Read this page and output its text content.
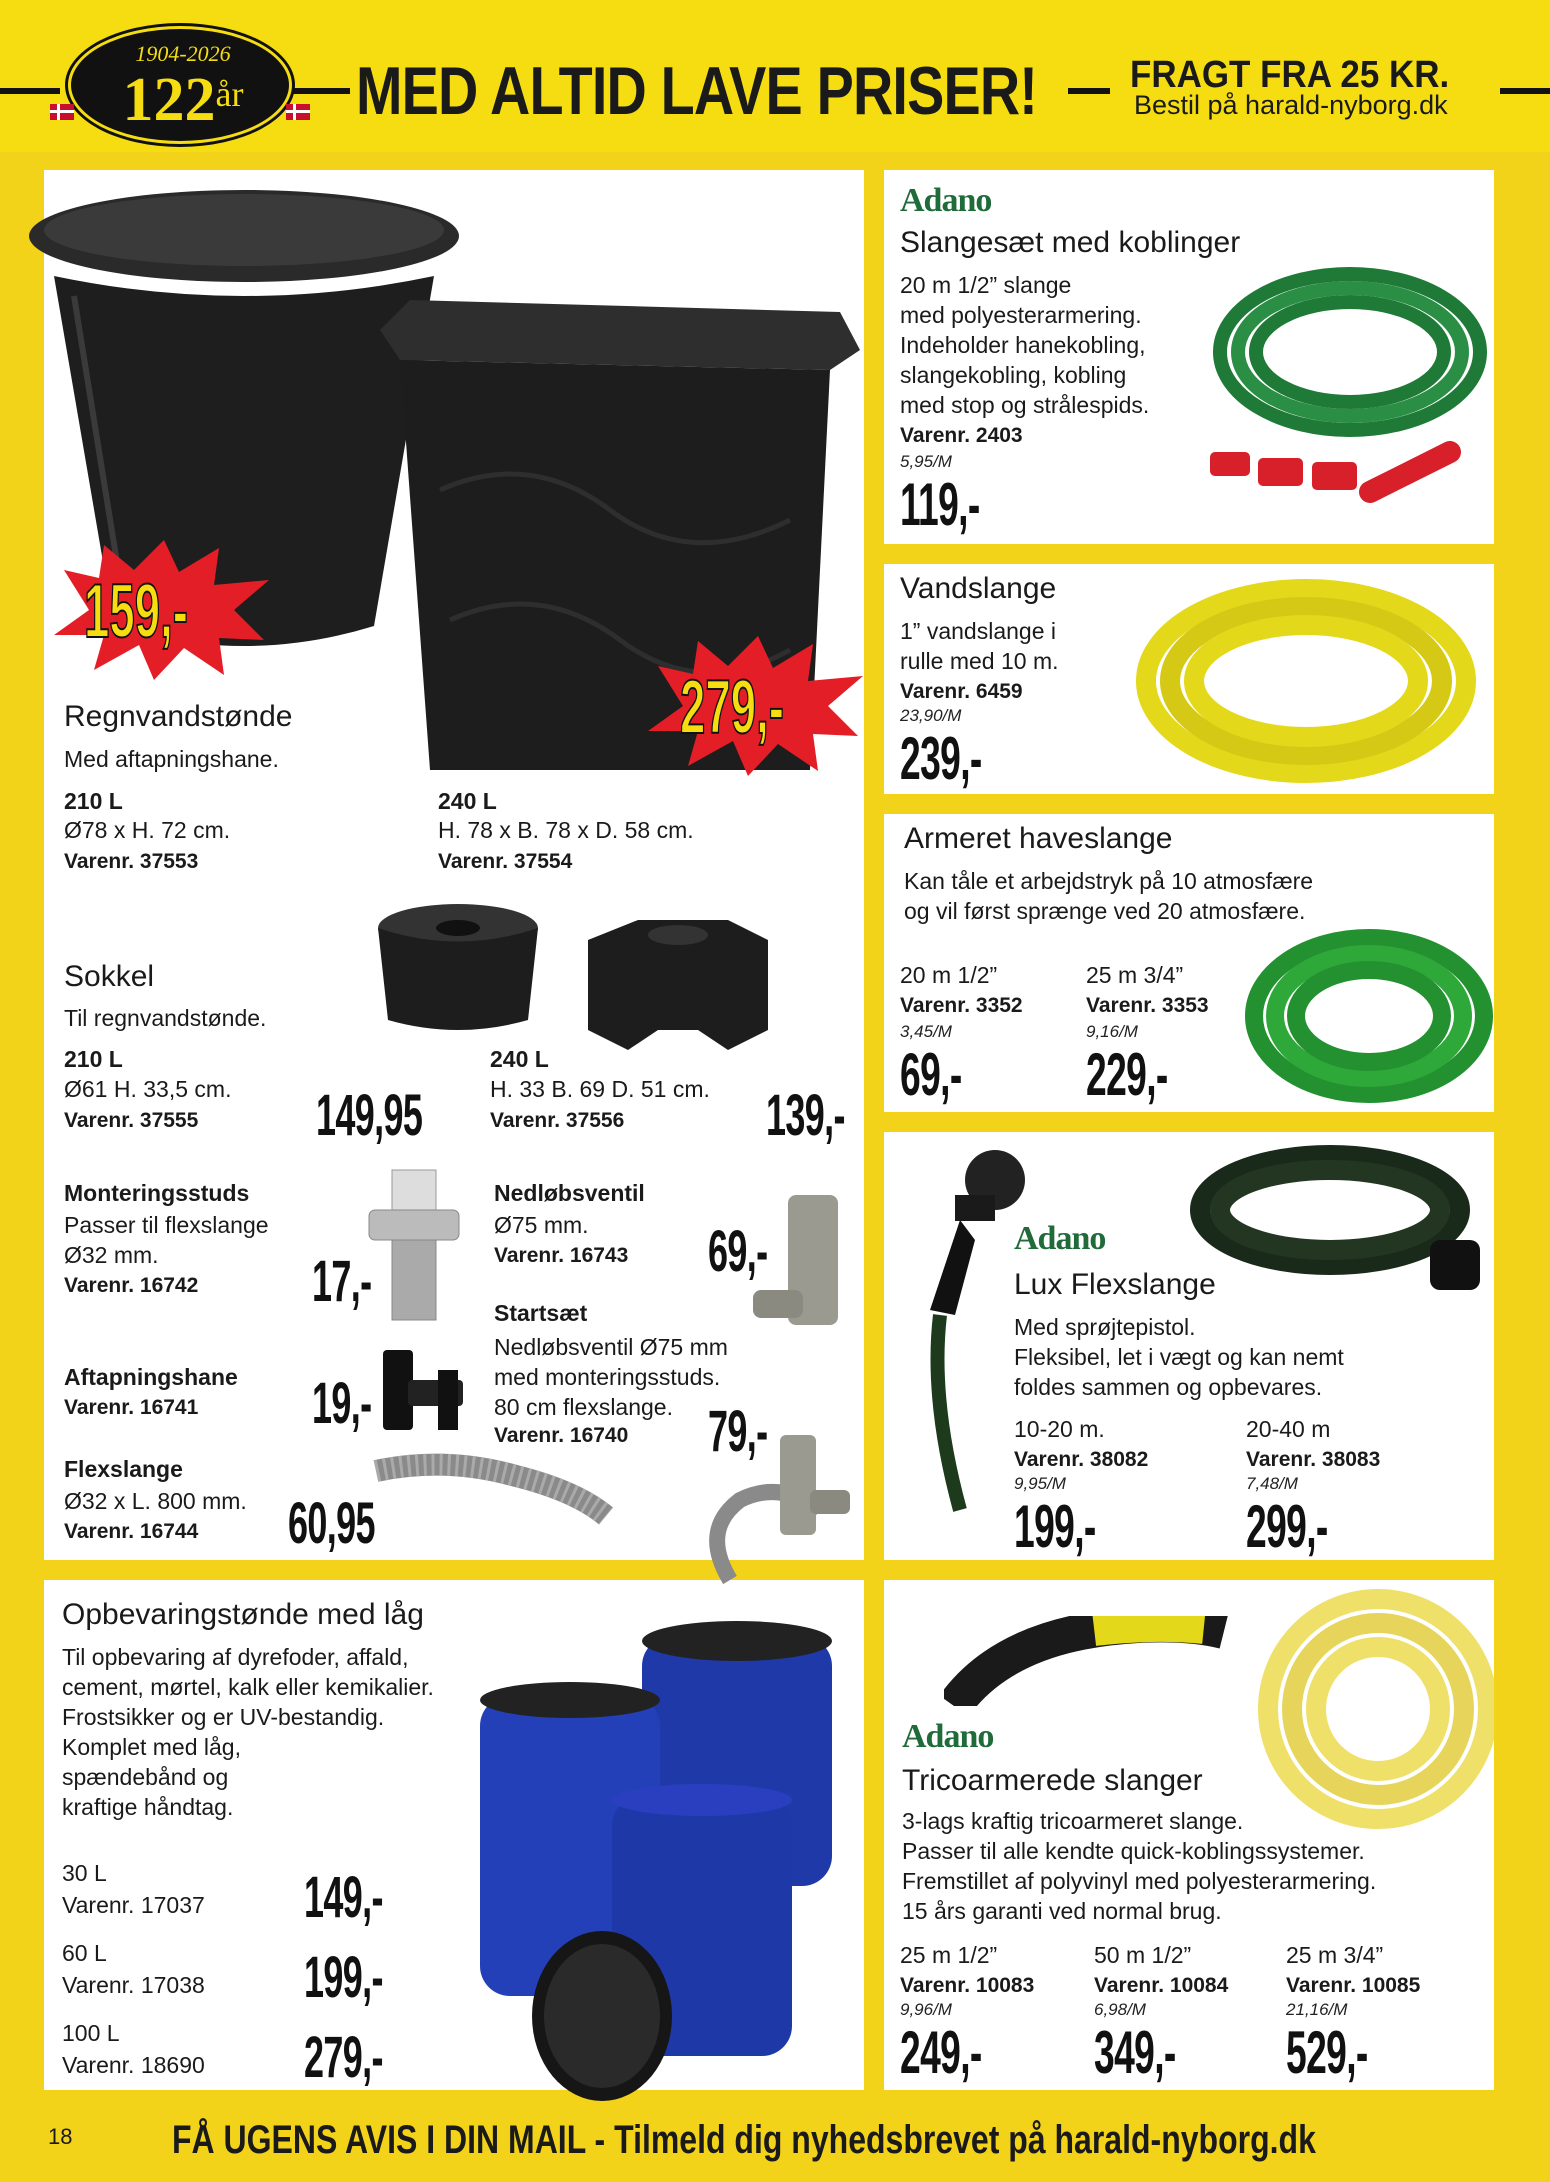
1904-2026
122år	MED ALTID LAVE PRISER! FRAGT FRA 25 KR.
Bestil på harald-nyborg.dk
159,-
279,-
Regnvandstønde
Med aftapningshane.
210 L
Ø78 x H. 72 cm.
Varenr. 37553
240 L
H. 78 x B. 78 x D. 58 cm.
Varenr. 37554
Sokkel
Til regnvandstønde.
210 L
Ø61 H. 33,5 cm.
Varenr. 37555 149,95
240 L
H. 33 B. 69 D. 51 cm.
Varenr. 37556 139,-
Monteringsstuds
Passer til flexslange
Ø32 mm.
Varenr. 16742 17,-
Nedløbsventil
Ø75 mm.
Varenr. 16743 69,-
Startsæt
Nedløbsventil Ø75 mm
med monteringsstuds.
80 cm flexslange.
Varenr. 16740 79,-
Aftapningshane
Varenr. 16741 19,-
Flexslange
Ø32 x L. 800 mm.
Varenr. 16744 60,95
Adano
Slangesæt med koblinger
20 m 1/2” slange
med polyesterarmering.
Indeholder hanekobling,
slangekobling, kobling
med stop og strålespids.
Varenr. 2403
5,95/M
119,-
Vandslange
1” vandslange i
rulle med 10 m.
Varenr. 6459
23,90/M
239,-
Armeret haveslange
Kan tåle et arbejdstryk på 10 atmosfære
og vil først sprænge ved 20 atmosfære.
20 m 1/2”
Varenr. 3352
3,45/M
69,-
25 m 3/4”
Varenr. 3353
9,16/M
229,-
Adano
Lux Flexslange
Med sprøjtepistol.
Fleksibel, let i vægt og kan nemt
foldes sammen og opbevares.
10-20 m.
Varenr. 38082
9,95/M
199,-
20-40 m
Varenr. 38083
7,48/M
299,-
Opbevaringstønde med låg
Til opbevaring af dyrefoder, affald,
cement, mørtel, kalk eller kemikalier.
Frostsikker og er UV-bestandig.
Komplet med låg,
spændebånd og
kraftige håndtag.
30 L
Varenr. 17037 149,-
60 L
Varenr. 17038 199,-
100 L
Varenr. 18690 279,-
Adano
Tricoarmerede slanger
3-lags kraftig tricoarmeret slange.
Passer til alle kendte quick-koblingssystemer.
Fremstillet af polyvinyl med polyesterarmering.
15 års garanti ved normal brug.
25 m 1/2”
Varenr. 10083
9,96/M
249,-
50 m 1/2”
Varenr. 10084
6,98/M
349,-
25 m 3/4”
Varenr. 10085
21,16/M
529,-
18 FÅ UGENS AVIS I DIN MAIL - Tilmeld dig nyhedsbrevet på harald-nyborg.dk
